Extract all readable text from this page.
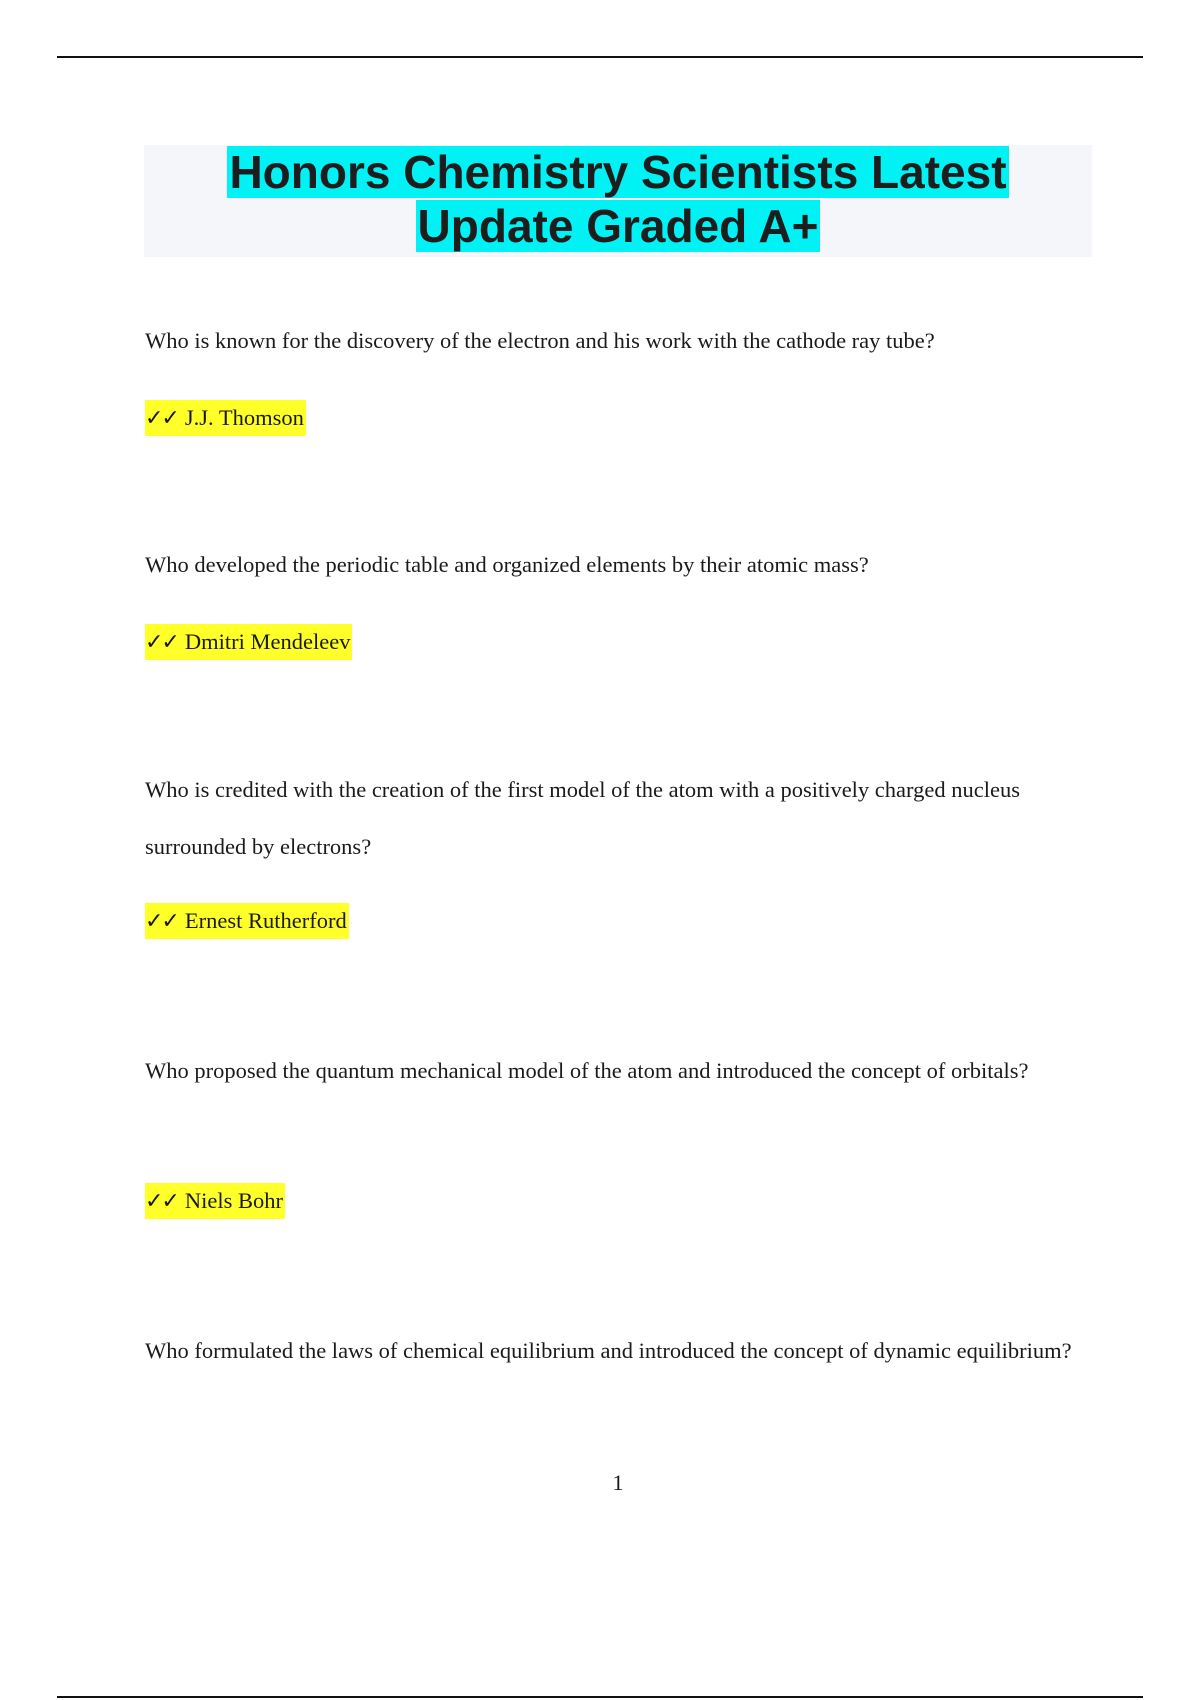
Honors Chemistry Scientists Latest
Update Graded A+

Who is known for the discovery of the electron and his work with the cathode ray tube?

✓✓ J.J. Thomson

Who developed the periodic table and organized elements by their atomic mass?

✓✓ Dmitri Mendeleev

Who is credited with the creation of the first model of the atom with a positively charged nucleus surrounded by electrons?

✓✓ Ernest Rutherford

Who proposed the quantum mechanical model of the atom and introduced the concept of orbitals?

✓✓ Niels Bohr

Who formulated the laws of chemical equilibrium and introduced the concept of dynamic equilibrium?

1
